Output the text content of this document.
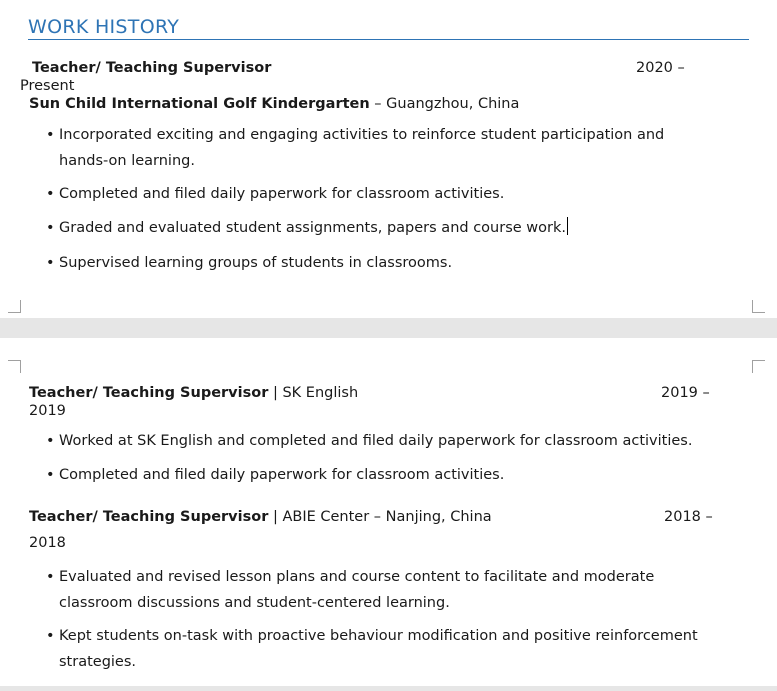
WORK HISTORY
Teacher/ Teaching Supervisor	2020 –
Present
Sun Child International Golf Kindergarten – Guangzhou, China
• Incorporated exciting and engaging activities to reinforce student participation and
hands-on learning.
• Completed and filed daily paperwork for classroom activities.
• Graded and evaluated student assignments, papers and course work.
• Supervised learning groups of students in classrooms.
Teacher/ Teaching Supervisor | SK English	2019 –
2019
• Worked at SK English and completed and filed daily paperwork for classroom activities.
• Completed and filed daily paperwork for classroom activities.
Teacher/ Teaching Supervisor | ABIE Center – Nanjing, China	2018 –
2018
• Evaluated and revised lesson plans and course content to facilitate and moderate
classroom discussions and student-centered learning.
• Kept students on-task with proactive behaviour modification and positive reinforcement
strategies.
